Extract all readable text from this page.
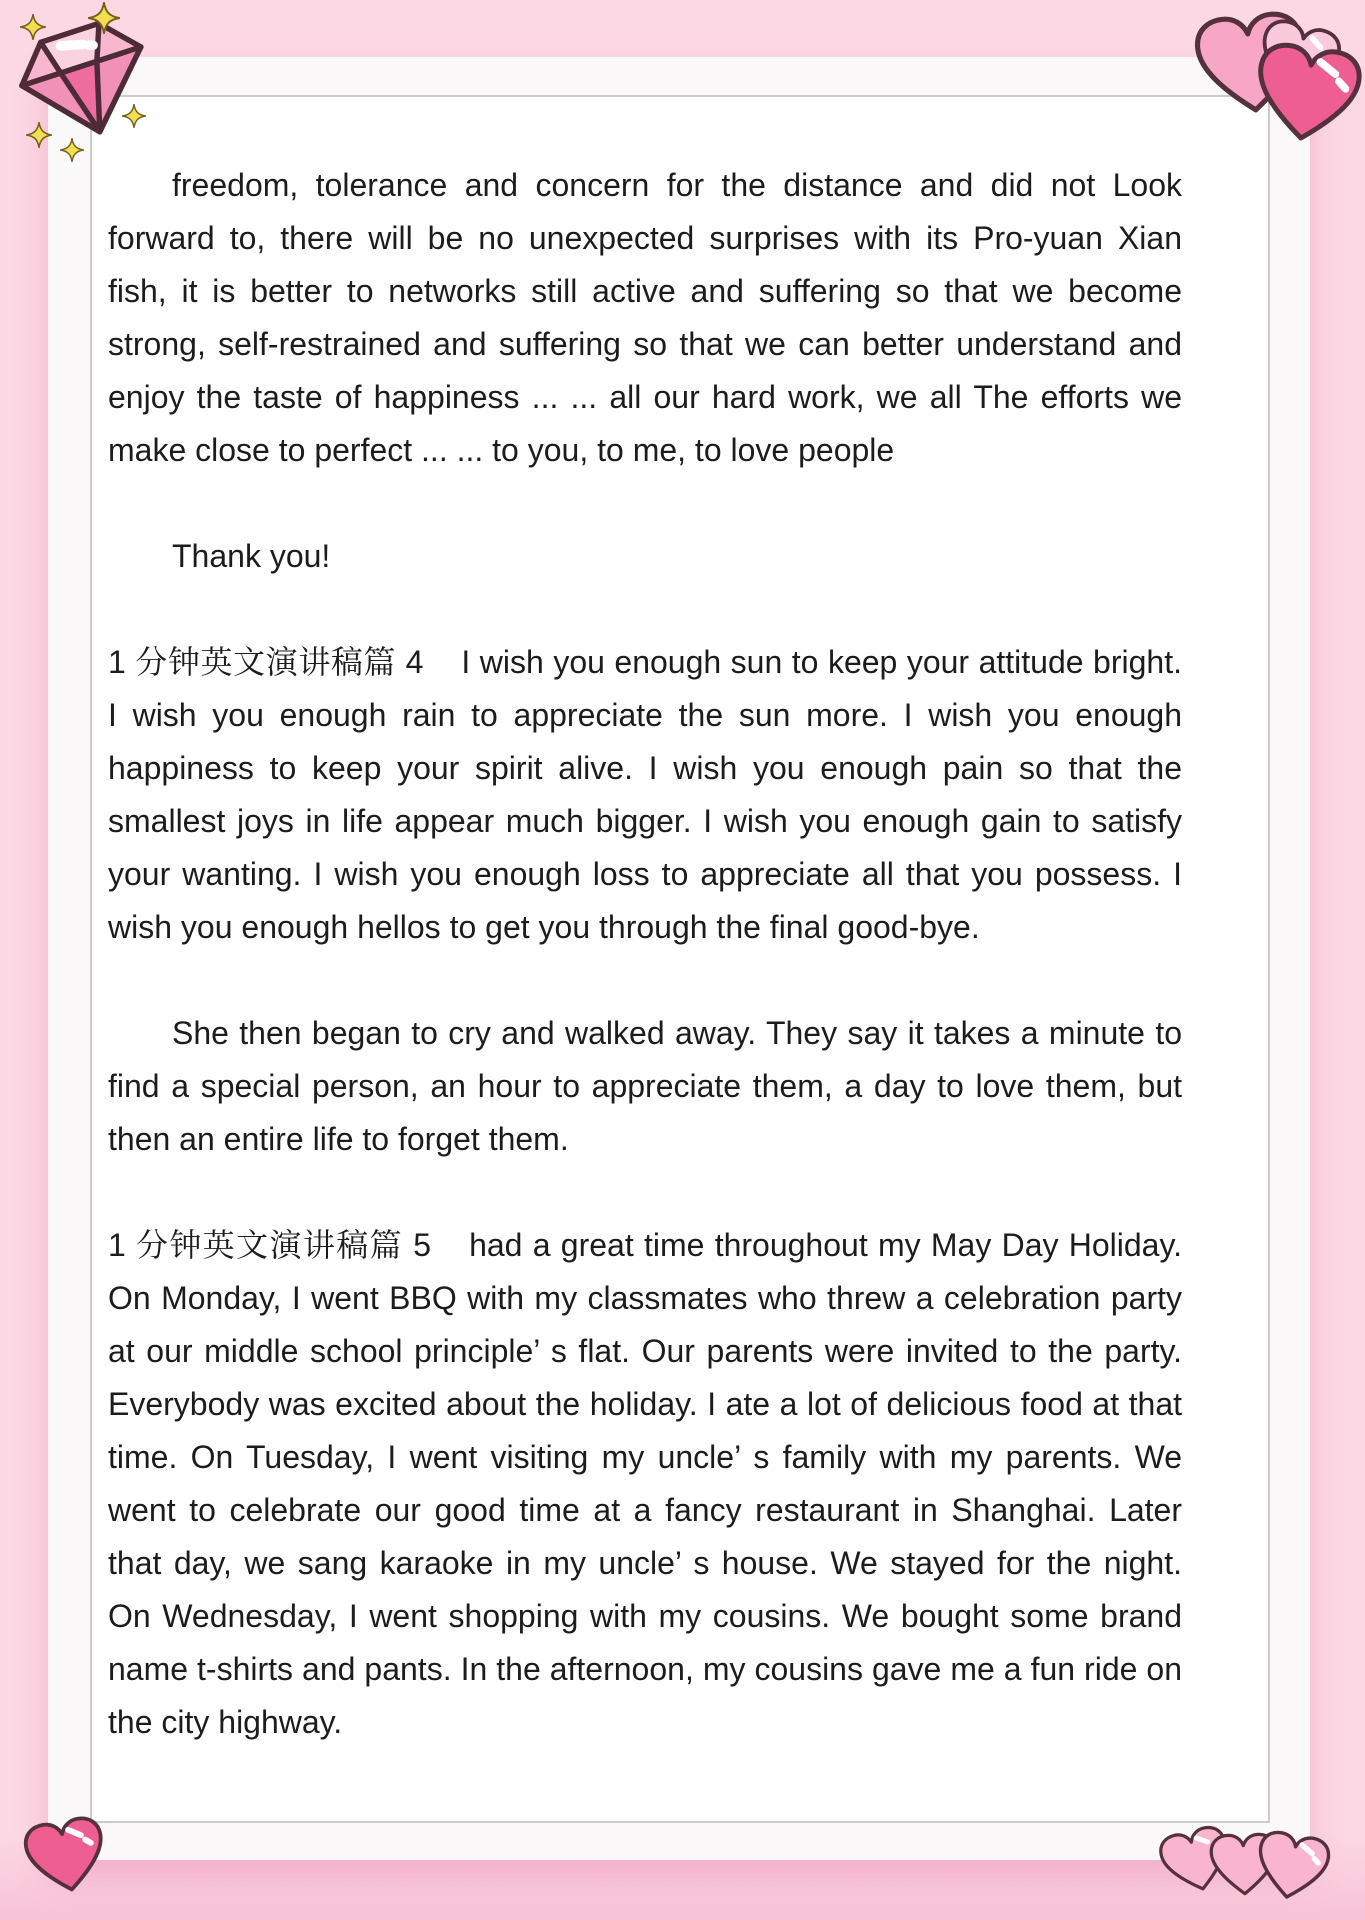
freedom, tolerance and concern for the distance and did not Look forward to, there will be no unexpected surprises with its Pro-yuan Xian fish, it is better to networks still active and suffering so that we become strong, self-restrained and suffering so that we can better understand and enjoy the taste of happiness ... ... all our hard work, we all The efforts we make close to perfect ... ... to you, to me, to love people

Thank you!

1 分钟英文演讲稿篇 4 I wish you enough sun to keep your attitude bright. I wish you enough rain to appreciate the sun more. I wish you enough happiness to keep your spirit alive. I wish you enough pain so that the smallest joys in life appear much bigger. I wish you enough gain to satisfy your wanting. I wish you enough loss to appreciate all that you possess. I wish you enough hellos to get you through the final good-bye.

She then began to cry and walked away. They say it takes a minute to find a special person, an hour to appreciate them, a day to love them, but then an entire life to forget them.

1 分钟英文演讲稿篇 5 had a great time throughout my May Day Holiday. On Monday, I went BBQ with my classmates who threw a celebration party at our middle school principle’ s flat. Our parents were invited to the party. Everybody was excited about the holiday. I ate a lot of delicious food at that time. On Tuesday, I went visiting my uncle’ s family with my parents. We went to celebrate our good time at a fancy restaurant in Shanghai. Later that day, we sang karaoke in my uncle’ s house. We stayed for the night. On Wednesday, I went shopping with my cousins. We bought some brand name t-shirts and pants. In the afternoon, my cousins gave me a fun ride on the city highway.
